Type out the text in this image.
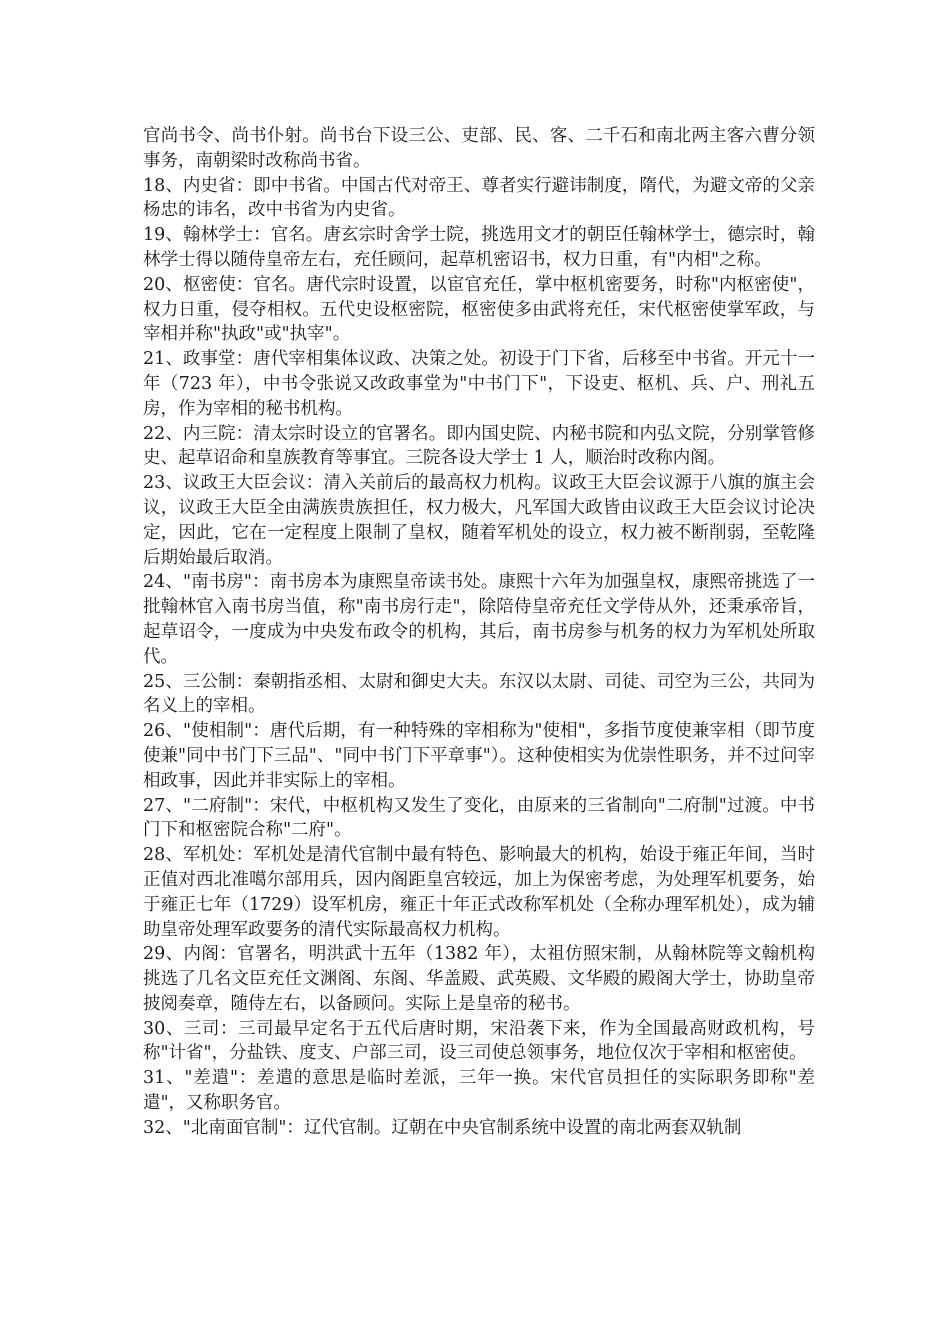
官尚书令、尚书仆射。尚书台下设三公、吏部、民、客、二千石和南北两主客六曹分领事务，南朝梁时改称尚书省。

18、内史省：即中书省。中国古代对帝王、尊者实行避讳制度，隋代，为避文帝的父亲杨忠的讳名，改中书省为内史省。

19、翰林学士：官名。唐玄宗时舍学士院，挑选用文才的朝臣任翰林学士，德宗时，翰林学士得以随侍皇帝左右，充任顾问，起草机密诏书，权力日重，有"内相"之称。

20、枢密使：官名。唐代宗时设置，以宦官充任，掌中枢机密要务，时称"内枢密使"，权力日重，侵夺相权。五代史设枢密院，枢密使多由武将充任，宋代枢密使掌军政，与宰相并称"执政"或"执宰"。

21、政事堂：唐代宰相集体议政、决策之处。初设于门下省，后移至中书省。开元十一年（723 年），中书令张说又改政事堂为"中书门下"，下设吏、枢机、兵、户、刑礼五房，作为宰相的秘书机构。

22、内三院：清太宗时设立的官署名。即内国史院、内秘书院和内弘文院，分别掌管修史、起草诏命和皇族教育等事宜。三院各设大学士 1 人，顺治时改称内阁。

23、议政王大臣会议：清入关前后的最高权力机构。议政王大臣会议源于八旗的旗主会议，议政王大臣全由满族贵族担任，权力极大，凡军国大政皆由议政王大臣会议讨论决定，因此，它在一定程度上限制了皇权，随着军机处的设立，权力被不断削弱，至乾隆后期始最后取消。

24、"南书房"：南书房本为康熙皇帝读书处。康熙十六年为加强皇权，康熙帝挑选了一批翰林官入南书房当值，称"南书房行走"，除陪侍皇帝充任文学侍从外，还秉承帝旨，起草诏令，一度成为中央发布政令的机构，其后，南书房参与机务的权力为军机处所取代。

25、三公制：秦朝指丞相、太尉和御史大夫。东汉以太尉、司徒、司空为三公，共同为名义上的宰相。

26、"使相制"：唐代后期，有一种特殊的宰相称为"使相"，多指节度使兼宰相（即节度使兼"同中书门下三品"、"同中书门下平章事"）。这种使相实为优崇性职务，并不过问宰相政事，因此并非实际上的宰相。

27、"二府制"：宋代，中枢机构又发生了变化，由原来的三省制向"二府制"过渡。中书门下和枢密院合称"二府"。

28、军机处：军机处是清代官制中最有特色、影响最大的机构，始设于雍正年间，当时正值对西北准噶尔部用兵，因内阁距皇宫较远，加上为保密考虑，为处理军机要务，始于雍正七年（1729）设军机房，雍正十年正式改称军机处（全称办理军机处），成为辅助皇帝处理军政要务的清代实际最高权力机构。

29、内阁：官署名，明洪武十五年（1382 年），太祖仿照宋制，从翰林院等文翰机构挑选了几名文臣充任文渊阁、东阁、华盖殿、武英殿、文华殿的殿阁大学士，协助皇帝披阅奏章，随侍左右，以备顾问。实际上是皇帝的秘书。

30、三司：三司最早定名于五代后唐时期，宋沿袭下来，作为全国最高财政机构，号称"计省"，分盐铁、度支、户部三司，设三司使总领事务，地位仅次于宰相和枢密使。

31、"差遣"：差遣的意思是临时差派，三年一换。宋代官员担任的实际职务即称"差遣"，又称职务官。

32、"北南面官制"：辽代官制。辽朝在中央官制系统中设置的南北两套双轨制
